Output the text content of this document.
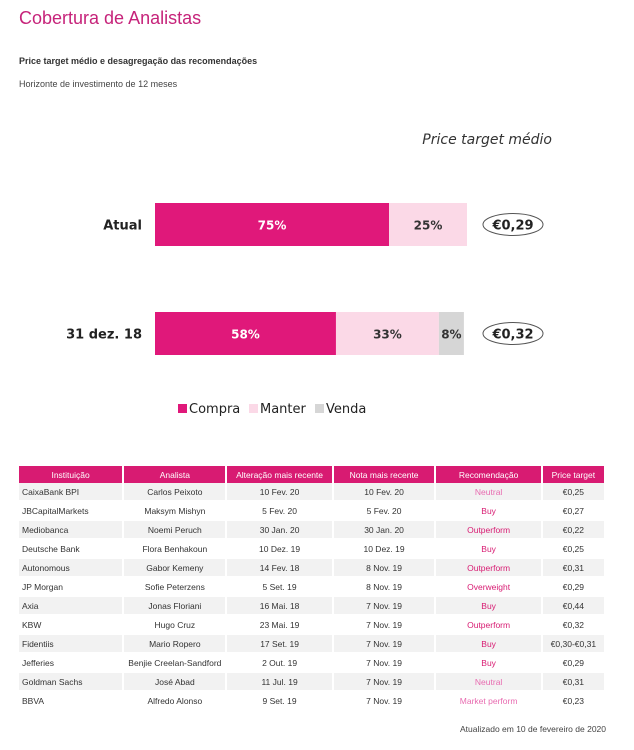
Cobertura de Analistas
Price target médio e desagregação das recomendações
Horizonte de investimento de 12 meses
Price target médio
Atual	75%	25%	€0,29
31 dez. 18	58%	33%	8% €0,32
Compra Manter Venda
Instituição	Analista	Alteração mais recente	Nota mais recente	Recomendação	Price target
CaixaBank BPI	Carlos Peixoto	10 Fev. 20	10 Fev. 20	Neutral	€0,25
JBCapitalMarkets	Maksym Mishyn	5 Fev. 20	5 Fev. 20	Buy	€0,27
Mediobanca	Noemi Peruch	30 Jan. 20	30 Jan. 20	Outperform	€0,22
Deutsche Bank	Flora Benhakoun	10 Dez. 19	10 Dez. 19	Buy	€0,25
Autonomous	Gabor Kemeny	14 Fev. 18	8 Nov. 19	Outperform	€0,31
JP Morgan	Sofie Peterzens	5 Set. 19	8 Nov. 19	Overweight	€0,29
Axia	Jonas Floriani	16 Mai. 18	7 Nov. 19	Buy	€0,44
KBW	Hugo Cruz	23 Mai. 19	7 Nov. 19	Outperform	€0,32
Fidentiis	Mario Ropero	17 Set. 19	7 Nov. 19	Buy	€0,30-€0,31
Jefferies	Benjie Creelan-Sandford	2 Out. 19	7 Nov. 19	Buy	€0,29
Goldman Sachs	José Abad	11 Jul. 19	7 Nov. 19	Neutral	€0,31
BBVA	Alfredo Alonso	9 Set. 19	7 Nov. 19	Market perform	€0,23
Atualizado em 10 de fevereiro de 2020
